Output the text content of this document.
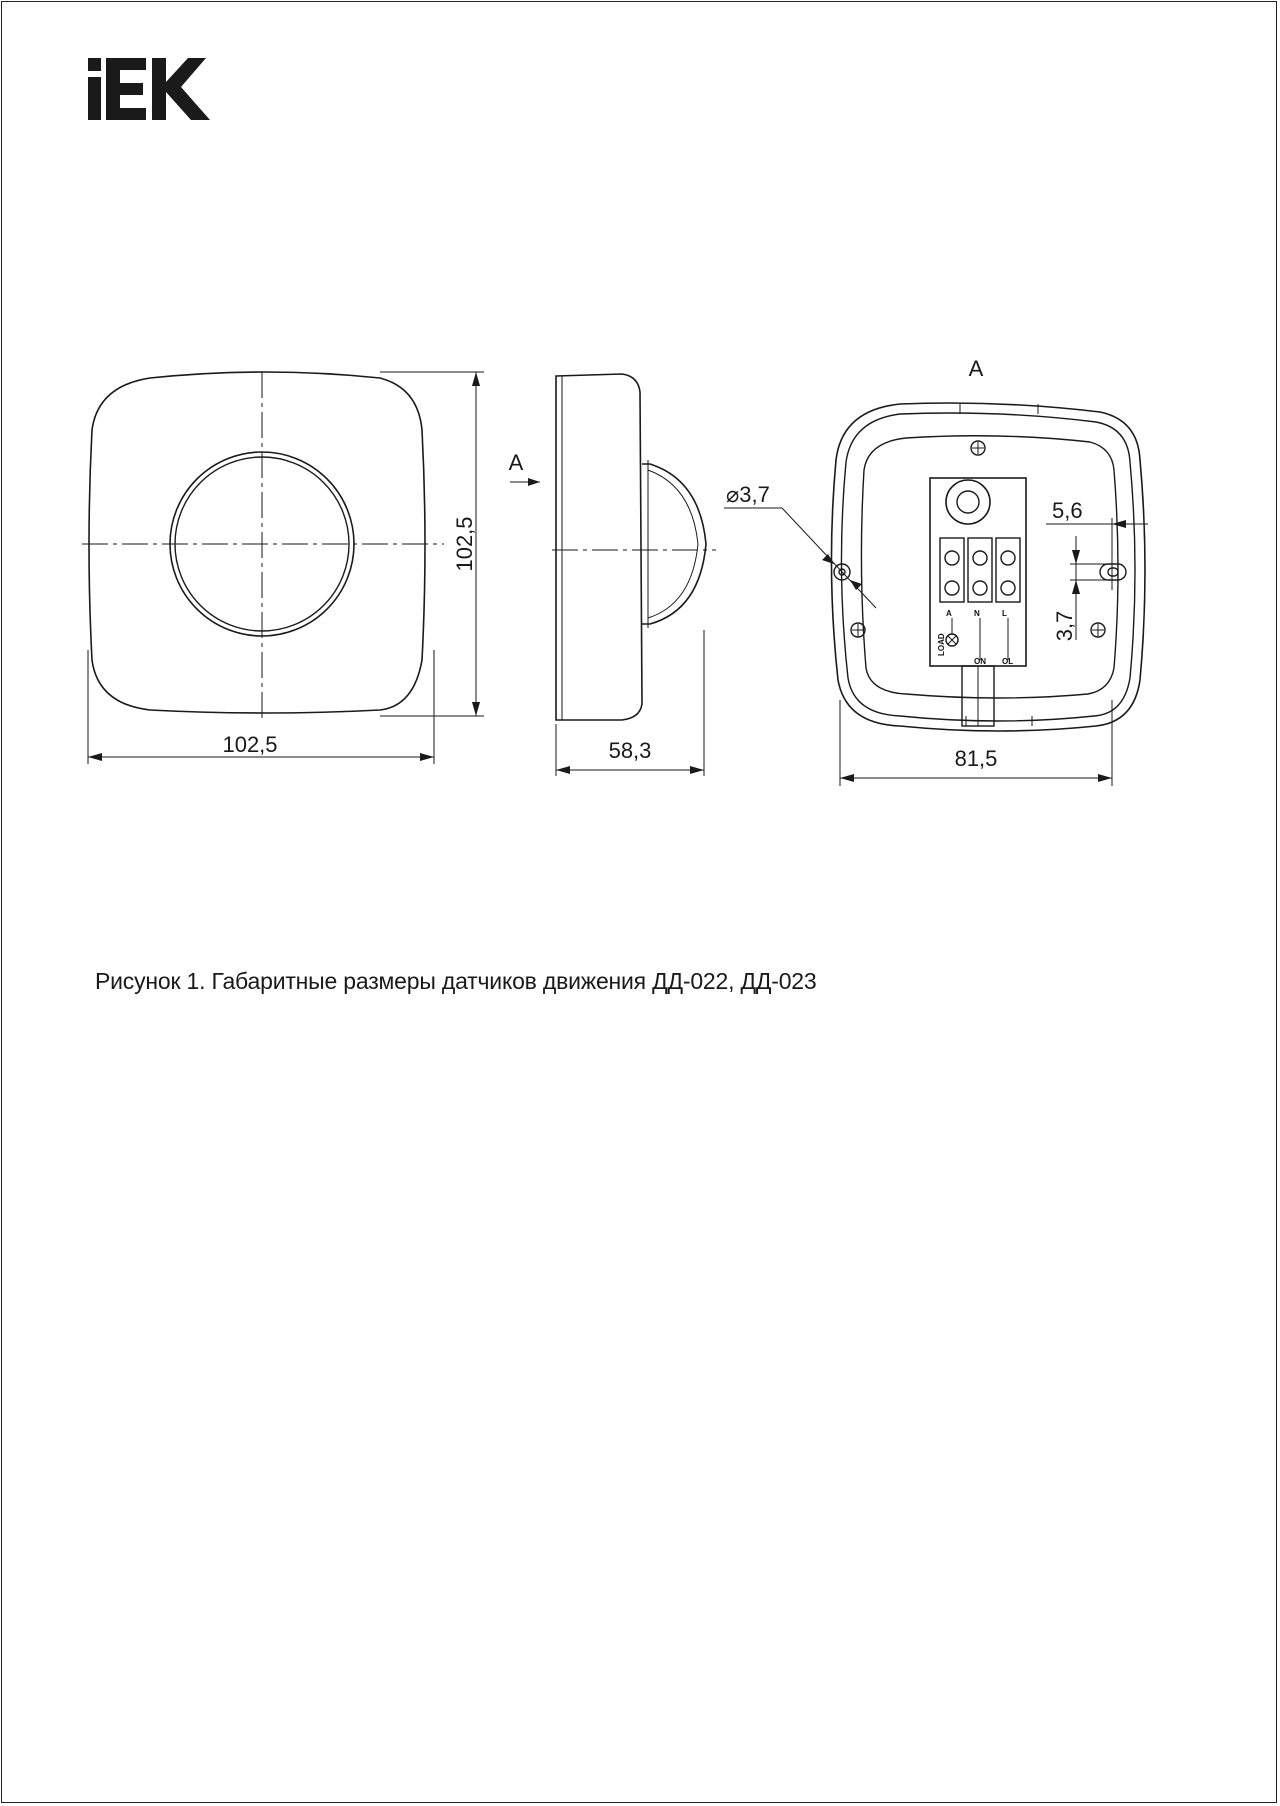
102,5
102,5
58,3
A
A
81,5
⌀3,7
5,6
3,7
A	N	L
ON OL
LOAD
Рисунок 1. Габаритные размеры датчиков движения ДД-022, ДД-023
